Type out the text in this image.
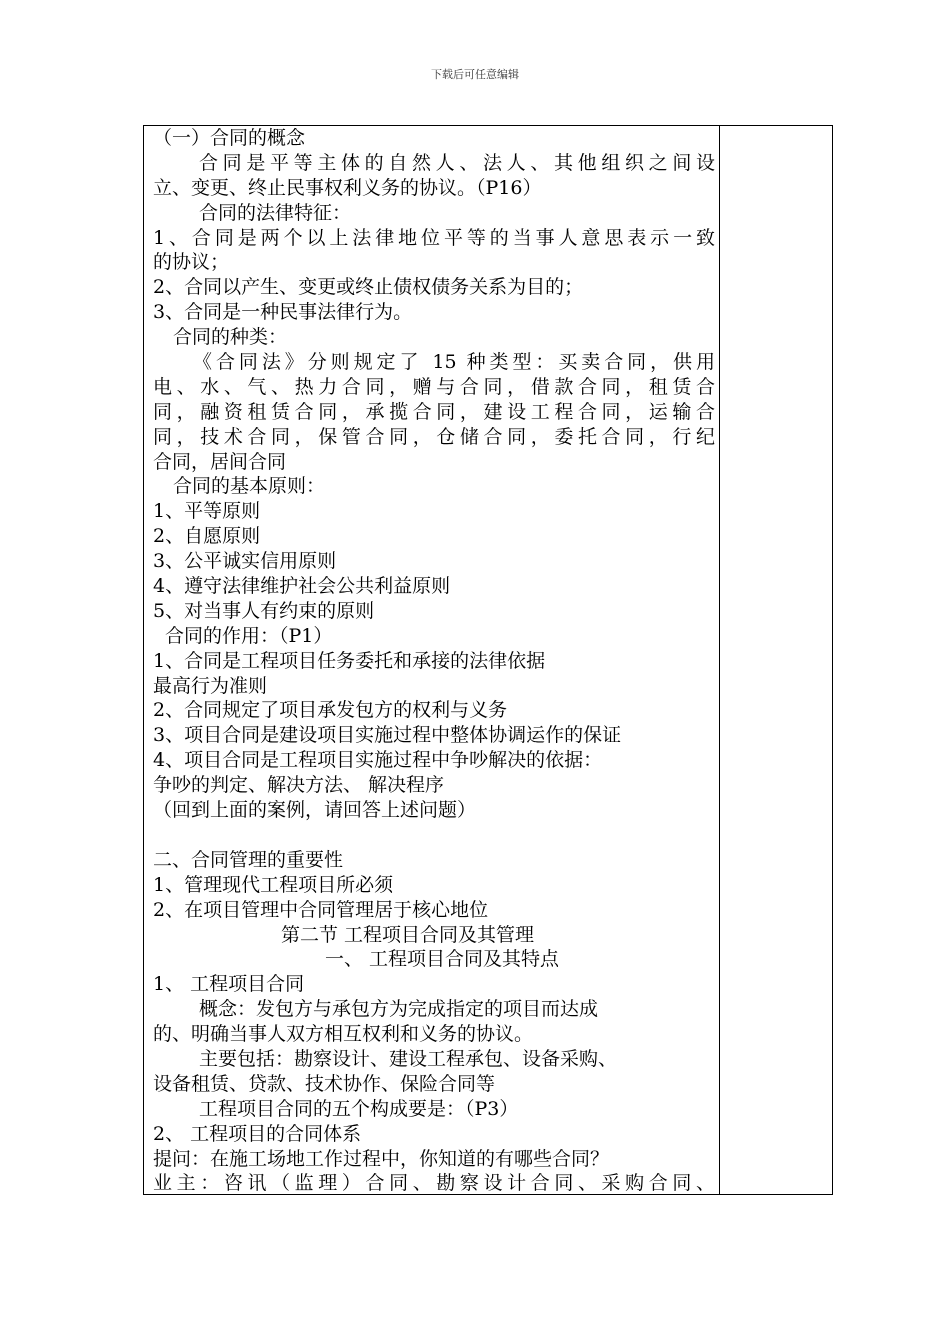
下载后可任意编辑
（一）合同的概念
合同是平等主体的自然人、法人、其他组织之间设
立、变更、终止民事权利义务的协议。（P16）
合同的法律特征：
1、合同是两个以上法律地位平等的当事人意思表示一致
的协议；
2、合同以产生、变更或终止债权债务关系为目的；
3、合同是一种民事法律行为。
合同的种类：
《合同法》分则规定了 15 种类型：买卖合同，供用
电、水、气、热力合同，赠与合同，借款合同，租赁合
同，融资租赁合同，承揽合同，建设工程合同，运输合
同，技术合同，保管合同，仓储合同，委托合同，行纪
合同，居间合同
合同的基本原则：
1、平等原则
2、自愿原则
3、公平诚实信用原则
4、遵守法律维护社会公共利益原则
5、对当事人有约束的原则
合同的作用：（P1）
1、合同是工程项目任务委托和承接的法律依据
最高行为准则
2、合同规定了项目承发包方的权利与义务
3、项目合同是建设项目实施过程中整体协调运作的保证
4、项目合同是工程项目实施过程中争吵解决的依据：
争吵的判定、解决方法、 解决程序
（回到上面的案例，请回答上述问题）
二、合同管理的重要性
1、管理现代工程项目所必须
2、在项目管理中合同管理居于核心地位
第二节 工程项目合同及其管理
一、 工程项目合同及其特点
1、 工程项目合同
概念：发包方与承包方为完成指定的项目而达成
的、明确当事人双方相互权利和义务的协议。
主要包括：勘察设计、建设工程承包、设备采购、
设备租赁、贷款、技术协作、保险合同等
工程项目合同的五个构成要是：（P3）
2、 工程项目的合同体系
提问：在施工场地工作过程中，你知道的有哪些合同？
业主：咨讯（监理）合同、勘察设计合同、采购合同、
